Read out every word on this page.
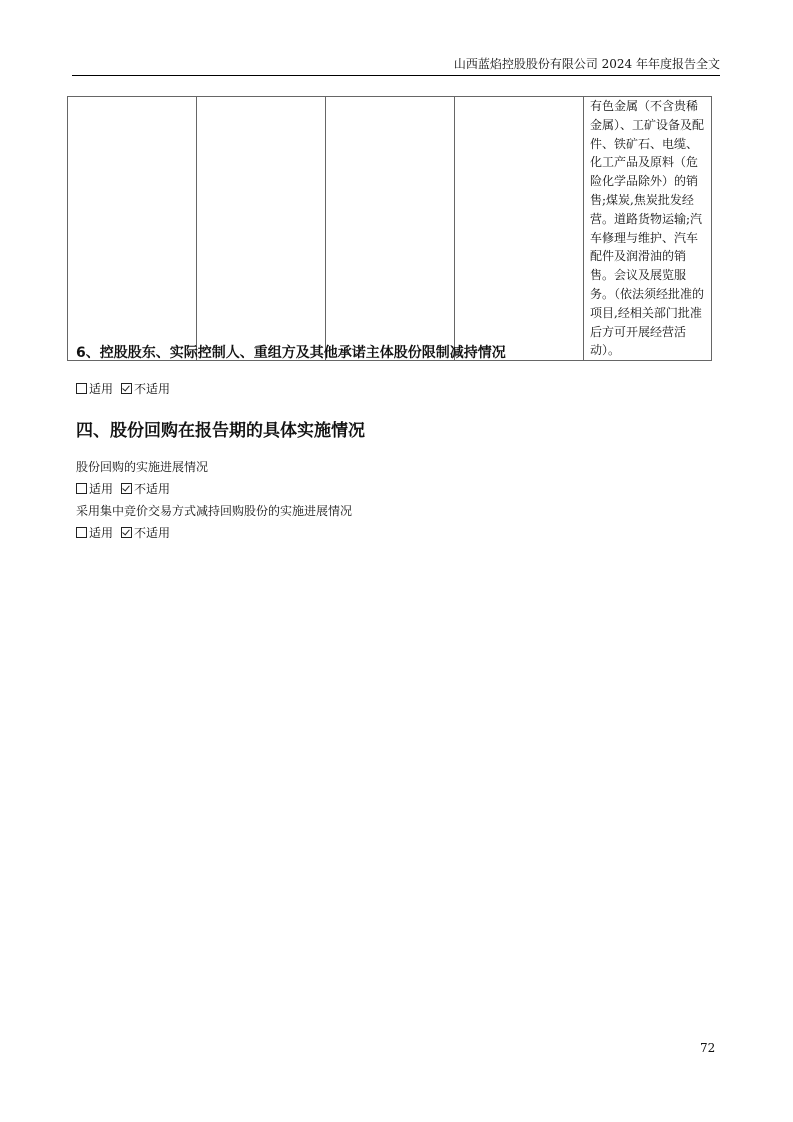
山西蓝焰控股股份有限公司 2024 年年度报告全文
				有色金属（不含贵稀金属）、工矿设备及配件、铁矿石、电缆、化工产品及原料（危险化学品除外）的销售;煤炭,焦炭批发经营。道路货物运输;汽车修理与维护、汽车配件及润滑油的销售。会议及展览服务。（依法须经批准的项目,经相关部门批准后方可开展经营活动）。
6、控股股东、实际控制人、重组方及其他承诺主体股份限制减持情况
适用 不适用
四、股份回购在报告期的具体实施情况
股份回购的实施进展情况
适用 不适用
采用集中竞价交易方式减持回购股份的实施进展情况
适用 不适用
72
